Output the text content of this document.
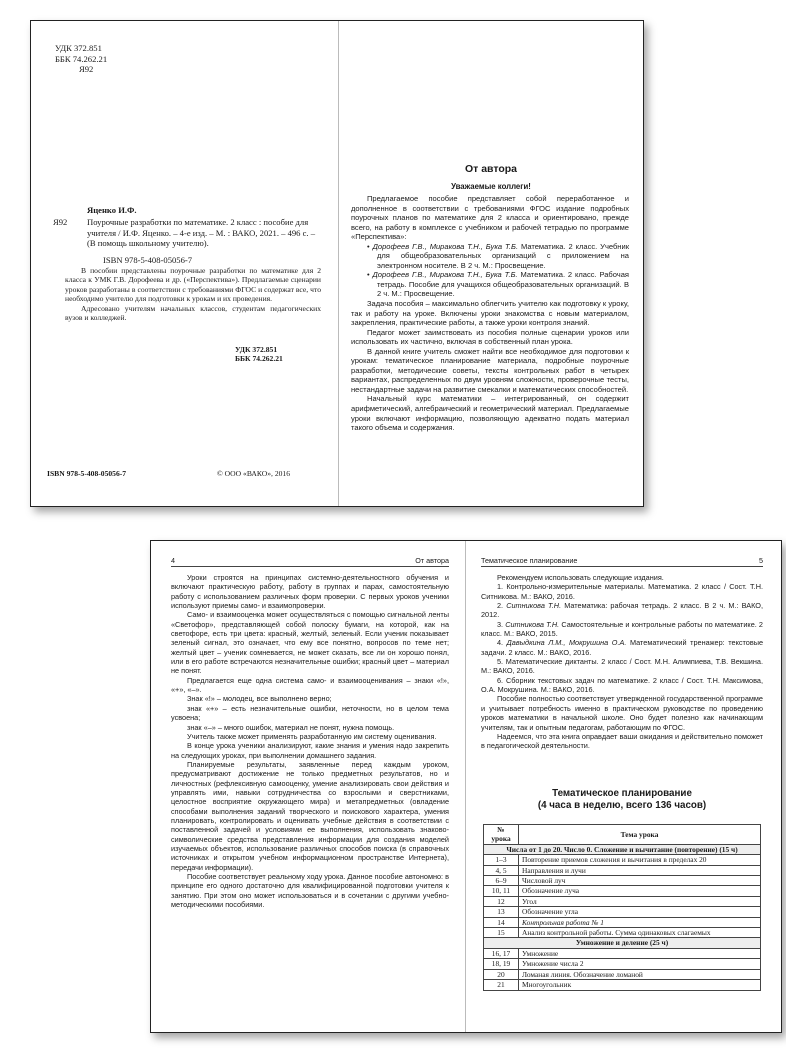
УДК 372.851
ББК 74.262.21
Я92
Яценко И.Ф.
Я92 Поурочные разработки по математике. 2 класс : пособие для учителя / И.Ф. Яценко. – 4-е изд. – М. : ВАКО, 2021. – 496 с. – (В помощь школьному учителю).

ISBN 978-5-408-05056-7

В пособии представлены поурочные разработки по математике для 2 класса к УМК Г.В. Дорофеева и др. («Перспектива»). Предлагаемые сценарии уроков разработаны в соответствии с требованиями ФГОС и содержат все, что необходимо учителю для подготовки к урокам и их проведения.

Адресовано учителям начальных классов, студентам педагогических вузов и колледжей.

УДК 372.851
ББК 74.262.21
ISBN 978-5-408-05056-7	© ООО «ВАКО», 2016
От автора
Уважаемые коллеги!

Предлагаемое пособие представляет собой переработанное и дополненное в соответствии с требованиями ФГОС издание подробных поурочных планов по математике для 2 класса и ориентировано, прежде всего, на работу в комплексе с учебником и рабочей тетрадью по программе «Перспектива»:

• Дорофеев Г.В., Миракова Т.Н., Бука Т.Б. Математика. 2 класс. Учебник для общеобразовательных организаций с приложением на электронном носителе. В 2 ч. М.: Просвещение.

• Дорофеев Г.В., Миракова Т.Н., Бука Т.Б. Математика. 2 класс. Рабочая тетрадь. Пособие для учащихся общеобразовательных организаций. В 2 ч. М.: Просвещение.

Задача пособия – максимально облегчить учителю как подготовку к уроку, так и работу на уроке. Включены уроки знакомства с новым материалом, закрепления, практические работы, а также уроки контроля знаний.

Педагог может заимствовать из пособия полные сценарии уроков или использовать их частично, включая в собственный план урока.

В данной книге учитель сможет найти все необходимое для подготовки к урокам: тематическое планирование материала, подробные поурочные разработки, методические советы, тексты контрольных работ в четырех вариантах, распределенных по двум уровням сложности, проверочные тесты, нестандартные задачи на развитие смекалки и математических способностей.

Начальный курс математики – интегрированный, он содержит арифметический, алгебраический и геометрический материал. Предлагаемые уроки включают информацию, позволяющую адекватно подать материал такого объема и содержания.

4	От автора

Уроки строятся на принципах системно-деятельностного обучения и включают практическую работу, работу в группах и парах, самостоятельную работу с использованием различных форм проверки. С первых уроков ученики используют приемы само- и взаимопроверки.

Само- и взаимооценка может осуществляться с помощью сигнальной ленты «Светофор», представляющей собой полоску бумаги, на которой, как на светофоре, есть три цвета: красный, желтый, зеленый. Если ученик показывает зеленый сигнал, это означает, что ему все понятно, вопросов по теме нет; желтый цвет – ученик сомневается, не может сказать, все ли он хорошо понял, или в его работе встречаются незначительные ошибки; красный цвет – материал не понят.

Предлагается еще одна система само- и взаимооценивания – знаки «!», «+», «–».

Знак «!» – молодец, все выполнено верно;

знак «+» – есть незначительные ошибки, неточности, но в целом тема усвоена;

знак «–» – много ошибок, материал не понят, нужна помощь.

Учитель также может применять разработанную им систему оценивания.

В конце урока ученики анализируют, какие знания и умения надо закрепить на следующих уроках, при выполнении домашнего задания.

Планируемые результаты, заявленные перед каждым уроком, предусматривают достижение не только предметных результатов, но и личностных (рефлексивную самооценку, умение анализировать свои действия и управлять ими, навыки сотрудничества со взрослыми и сверстниками, целостное восприятие окружающего мира) и метапредметных (овладение способами выполнения заданий творческого и поискового характера, умения планировать, контролировать и оценивать учебные действия в соответствии с поставленной задачей и условиями ее выполнения, использовать знаково-символические средства представления информации для создания моделей изучаемых объектов, использование различных способов поиска (в справочных источниках и открытом учебном информационном пространстве Интернета), передачи информации).

Пособие соответствует реальному ходу урока. Данное пособие автономно: в принципе его одного достаточно для квалифицированной подготовки учителя к занятию. При этом оно может использоваться и в сочетании с другими учебно-методическими пособиями.

Тематическое планирование	5

Рекомендуем использовать следующие издания.

1. Контрольно-измерительные материалы. Математика. 2 класс / Сост. Т.Н. Ситникова. М.: ВАКО, 2016.

2. Ситникова Т.Н. Математика: рабочая тетрадь. 2 класс. В 2 ч. М.: ВАКО, 2012.

3. Ситникова Т.Н. Самостоятельные и контрольные работы по математике. 2 класс. М.: ВАКО, 2015.

4. Давыдкина Л.М., Мокрушина О.А. Математический тренажер: текстовые задачи. 2 класс. М.: ВАКО, 2016.

5. Математические диктанты. 2 класс / Сост. М.Н. Алимпиева, Т.В. Векшина. М.: ВАКО, 2016.

6. Сборник текстовых задач по математике. 2 класс / Сост. Т.Н. Максимова, О.А. Мокрушина. М.: ВАКО, 2016.

Пособие полностью соответствует утвержденной государственной программе и учитывает потребность именно в практическом руководстве по проведению уроков математики в начальной школе. Оно будет полезно как начинающим учителям, так и опытным педагогам, работающим по ФГОС.

Надеемся, что эта книга оправдает ваши ожидания и действительно поможет в педагогической деятельности.

Тематическое планирование
(4 часа в неделю, всего 136 часов)
№ урока	Тема урока
Числа от 1 до 20. Число 0. Сложение и вычитание (повторение) (15 ч)	
1–3	Повторение приемов сложения и вычитания в пределах 20
4, 5	Направления и лучи
6–9	Числовой луч
10, 11	Обозначение луча
12	Угол
13	Обозначение угла
14	Контрольная работа № 1
15	Анализ контрольной работы. Сумма одинаковых слагаемых
Умножение и деление (25 ч)	
16, 17	Умножение
18, 19	Умножение числа 2
20	Ломаная линия. Обозначение ломаной
21	Многоугольник
